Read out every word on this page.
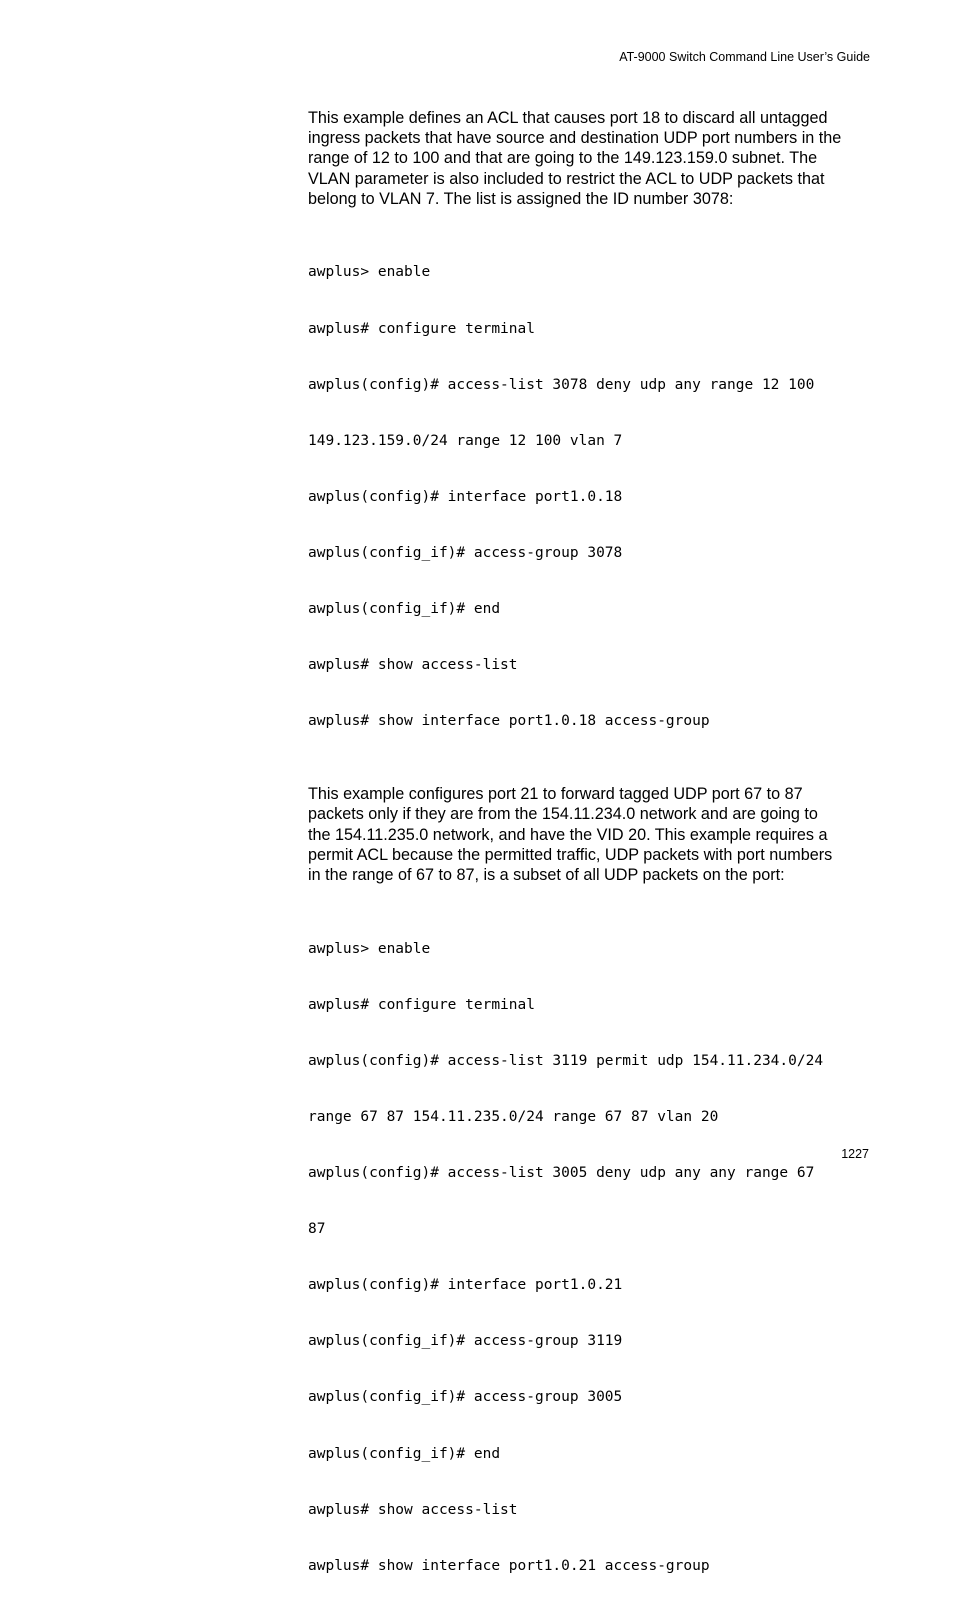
AT-9000 Switch Command Line User’s Guide

This example defines an ACL that causes port 18 to discard all untagged
ingress packets that have source and destination UDP port numbers in the
range of 12 to 100 and that are going to the 149.123.159.0 subnet. The
VLAN parameter is also included to restrict the ACL to UDP packets that
belong to VLAN 7. The list is assigned the ID number 3078:

awplus> enable

awplus# configure terminal

awplus(config)# access-list 3078 deny udp any range 12 100

149.123.159.0/24 range 12 100 vlan 7

awplus(config)# interface port1.0.18

awplus(config_if)# access-group 3078

awplus(config_if)# end

awplus# show access-list

awplus# show interface port1.0.18 access-group

This example configures port 21 to forward tagged UDP port 67 to 87
packets only if they are from the 154.11.234.0 network and are going to
the 154.11.235.0 network, and have the VID 20. This example requires a
permit ACL because the permitted traffic, UDP packets with port numbers
in the range of 67 to 87, is a subset of all UDP packets on the port:

awplus> enable

awplus# configure terminal

awplus(config)# access-list 3119 permit udp 154.11.234.0/24

range 67 87 154.11.235.0/24 range 67 87 vlan 20

awplus(config)# access-list 3005 deny udp any any range 67

87

awplus(config)# interface port1.0.21

awplus(config_if)# access-group 3119

awplus(config_if)# access-group 3005

awplus(config_if)# end

awplus# show access-list

awplus# show interface port1.0.21 access-group

1227
